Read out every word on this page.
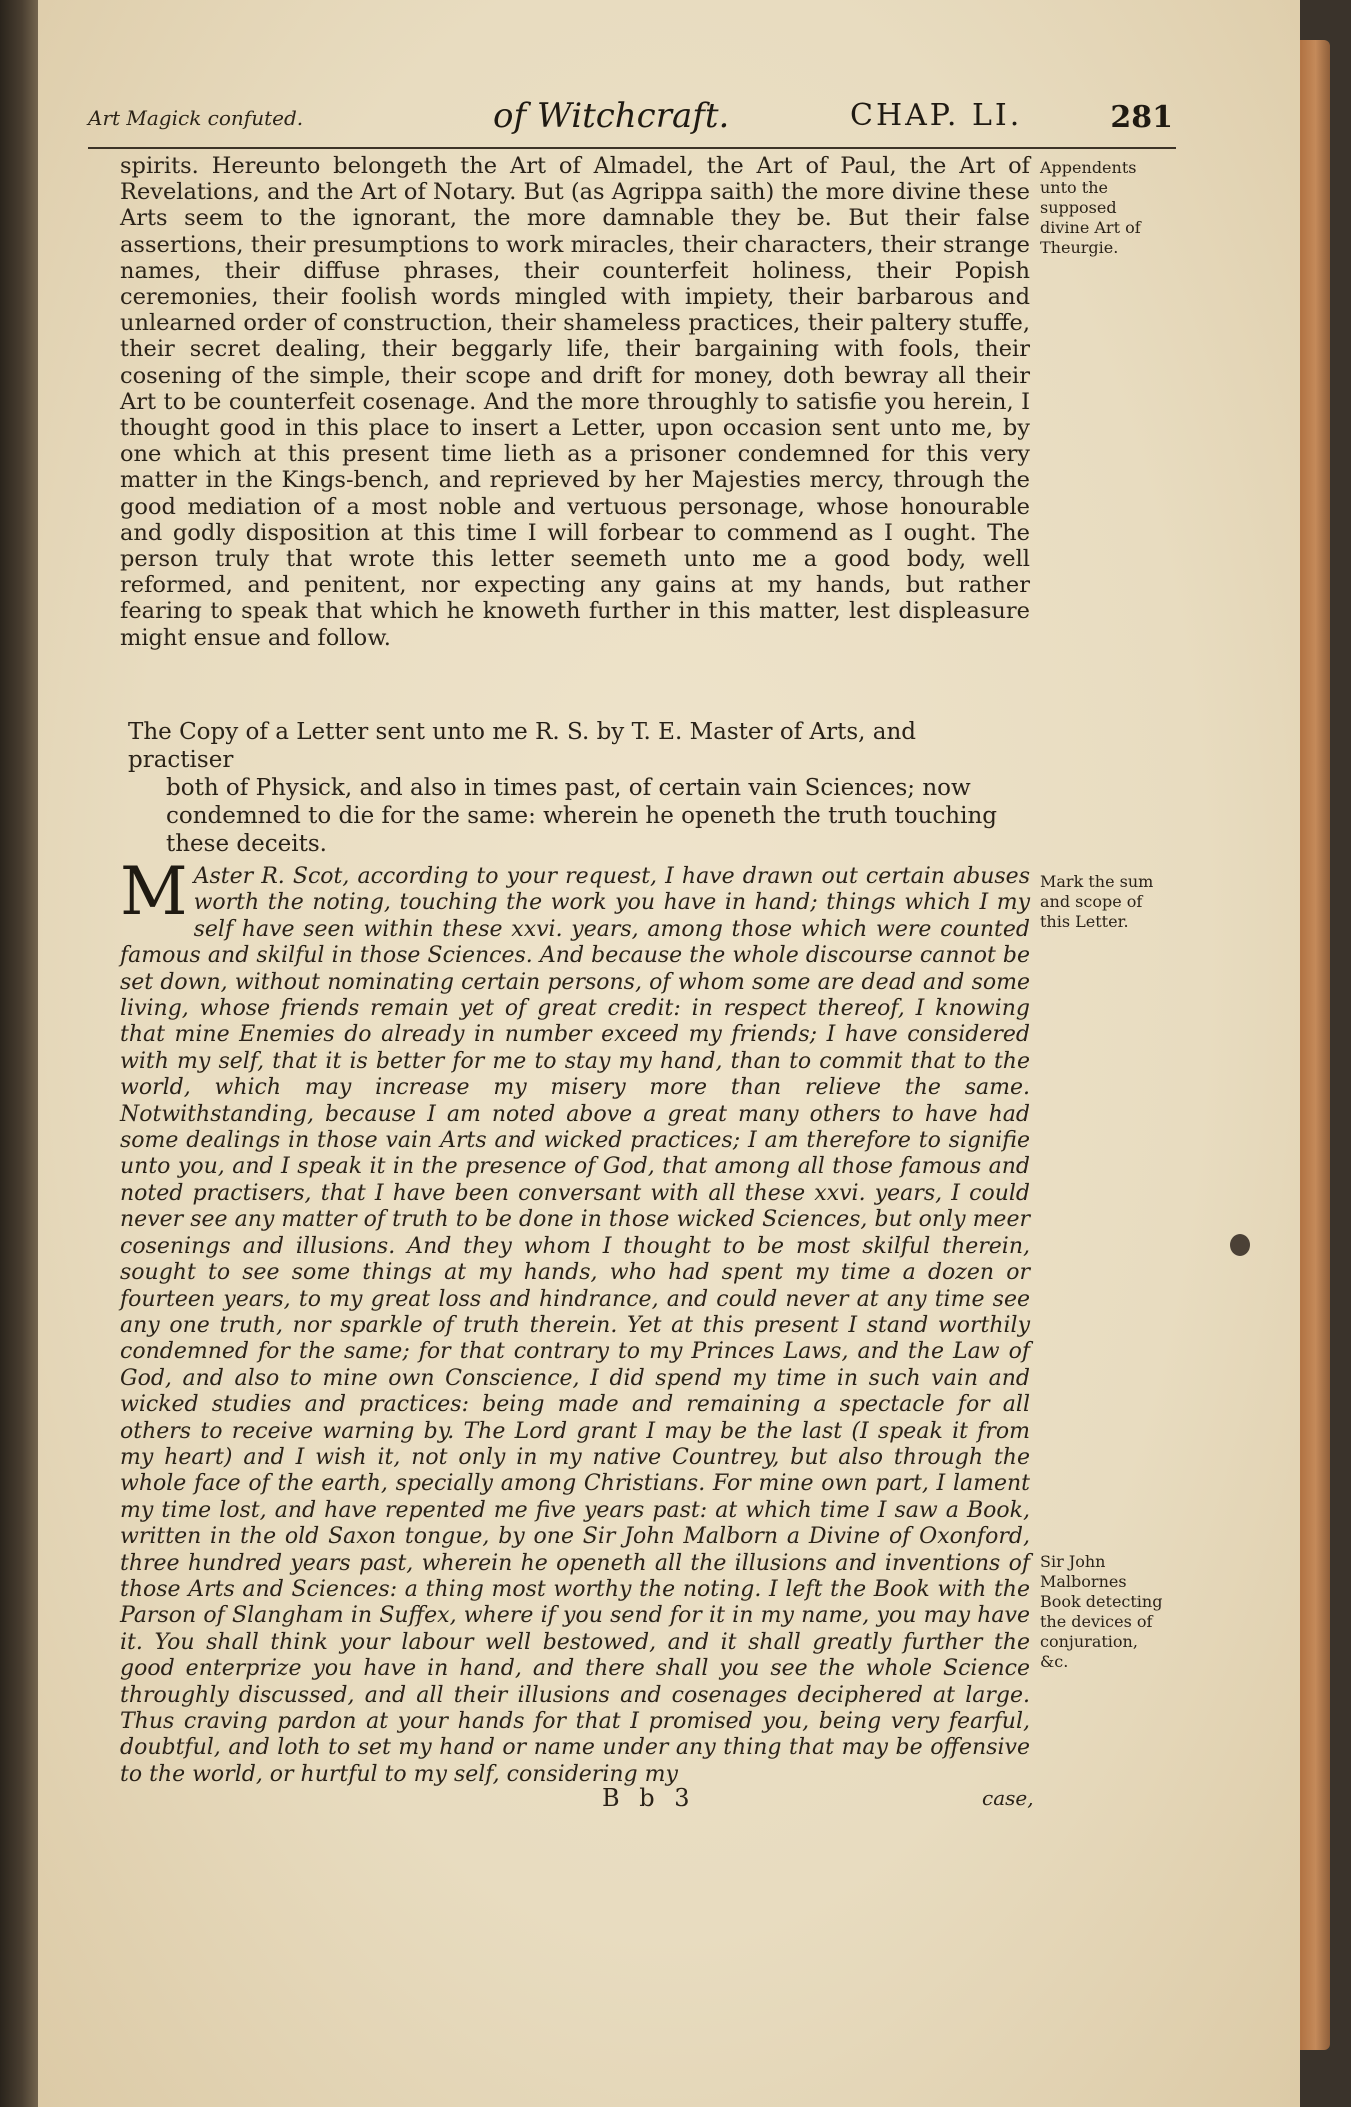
Art Magick confuted.	of Witchcraft.	CHAP. LI.	281
spirits. Hereunto belongeth the Art of Almadel, the Art of Paul, the Art of Revelations, and the Art of Notary. But (as Agrippa saith) the more divine these Arts seem to the ignorant, the more damnable they be. But their false assertions, their presumptions to work miracles, their characters, their strange names, their diffuse phrases, their counterfeit holiness, their Popish ceremonies, their foolish words mingled with impiety, their barbarous and unlearned order of construction, their shameless practices, their paltery stuffe, their secret dealing, their beggarly life, their bargaining with fools, their cosening of the simple, their scope and drift for money, doth bewray all their Art to be counterfeit cosenage. And the more throughly to satisfie you herein, I thought good in this place to insert a Letter, upon occasion sent unto me, by one which at this present time lieth as a prisoner condemned for this very matter in the Kings-bench, and reprieved by her Majesties mercy, through the good mediation of a most noble and vertuous personage, whose honourable and godly disposition at this time I will forbear to commend as I ought. The person truly that wrote this letter seemeth unto me a good body, well reformed, and penitent, nor expecting any gains at my hands, but rather fearing to speak that which he knoweth further in this matter, lest displeasure might ensue and follow.
The Copy of a Letter sent unto me R. S. by T. E. Master of Arts, and practiser
both of Physick, and also in times past, of certain vain Sciences; now condemned to die for the same: wherein he openeth the truth touching these deceits.
M Aster R. Scot, according to your request, I have drawn out certain abuses worth the noting, touching the work you have in hand; things which I my self have seen within these xxvi. years, among those which were counted famous and skilful in those Sciences. And because the whole discourse cannot be set down, without nominating certain persons, of whom some are dead and some living, whose friends remain yet of great credit: in respect thereof, I knowing that mine Enemies do already in number exceed my friends; I have considered with my self, that it is better for me to stay my hand, than to commit that to the world, which may increase my misery more than relieve the same. Notwithstanding, because I am noted above a great many others to have had some dealings in those vain Arts and wicked practices; I am therefore to signifie unto you, and I speak it in the presence of God, that among all those famous and noted practisers, that I have been conversant with all these xxvi. years, I could never see any matter of truth to be done in those wicked Sciences, but only meer cosenings and illusions. And they whom I thought to be most skilful therein, sought to see some things at my hands, who had spent my time a dozen or fourteen years, to my great loss and hindrance, and could never at any time see any one truth, nor sparkle of truth therein. Yet at this present I stand worthily condemned for the same; for that contrary to my Princes Laws, and the Law of God, and also to mine own Conscience, I did spend my time in such vain and wicked studies and practices: being made and remaining a spectacle for all others to receive warning by. The Lord grant I may be the last (I speak it from my heart) and I wish it, not only in my native Countrey, but also through the whole face of the earth, specially among Christians. For mine own part, I lament my time lost, and have repented me five years past: at which time I saw a Book, written in the old Saxon tongue, by one Sir John Malborn a Divine of Oxonford, three hundred years past, wherein he openeth all the illusions and inventions of those Arts and Sciences: a thing most worthy the noting. I left the Book with the Parson of Slangham in Suffex, where if you send for it in my name, you may have it. You shall think your labour well bestowed, and it shall greatly further the good enterprize you have in hand, and there shall you see the whole Science throughly discussed, and all their illusions and cosenages deciphered at large. Thus craving pardon at your hands for that I promised you, being very fearful, doubtful, and loth to set my hand or name under any thing that may be offensive to the world, or hurtful to my self, considering my
Appendents unto the supposed divine Art of Theurgie.
Mark the sum and scope of this Letter.
Sir John Malbornes Book detecting the devices of conjuration, &c.
B b 3	case,
